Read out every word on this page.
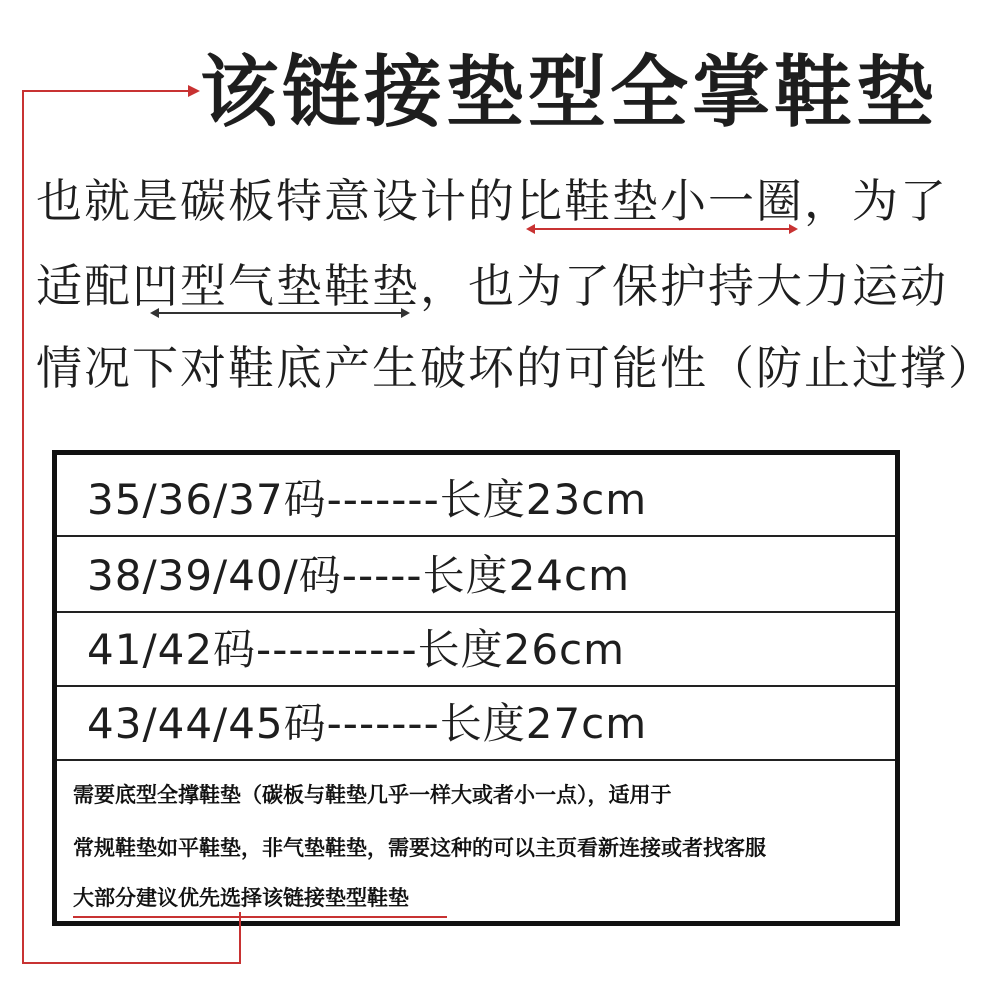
该链接垫型全掌鞋垫
也就是碳板特意设计的比鞋垫小一圈，为了
适配凹型气垫鞋垫，也为了保护持大力运动
情况下对鞋底产生破坏的可能性（防止过撑）
35/36/37码-------长度23cm
38/39/40/码-----长度24cm
41/42码----------长度26cm
43/44/45码-------长度27cm
需要底型全撑鞋垫（碳板与鞋垫几乎一样大或者小一点），适用于
常规鞋垫如平鞋垫，非气垫鞋垫，需要这种的可以主页看新连接或者找客服
大部分建议优先选择该链接垫型鞋垫
